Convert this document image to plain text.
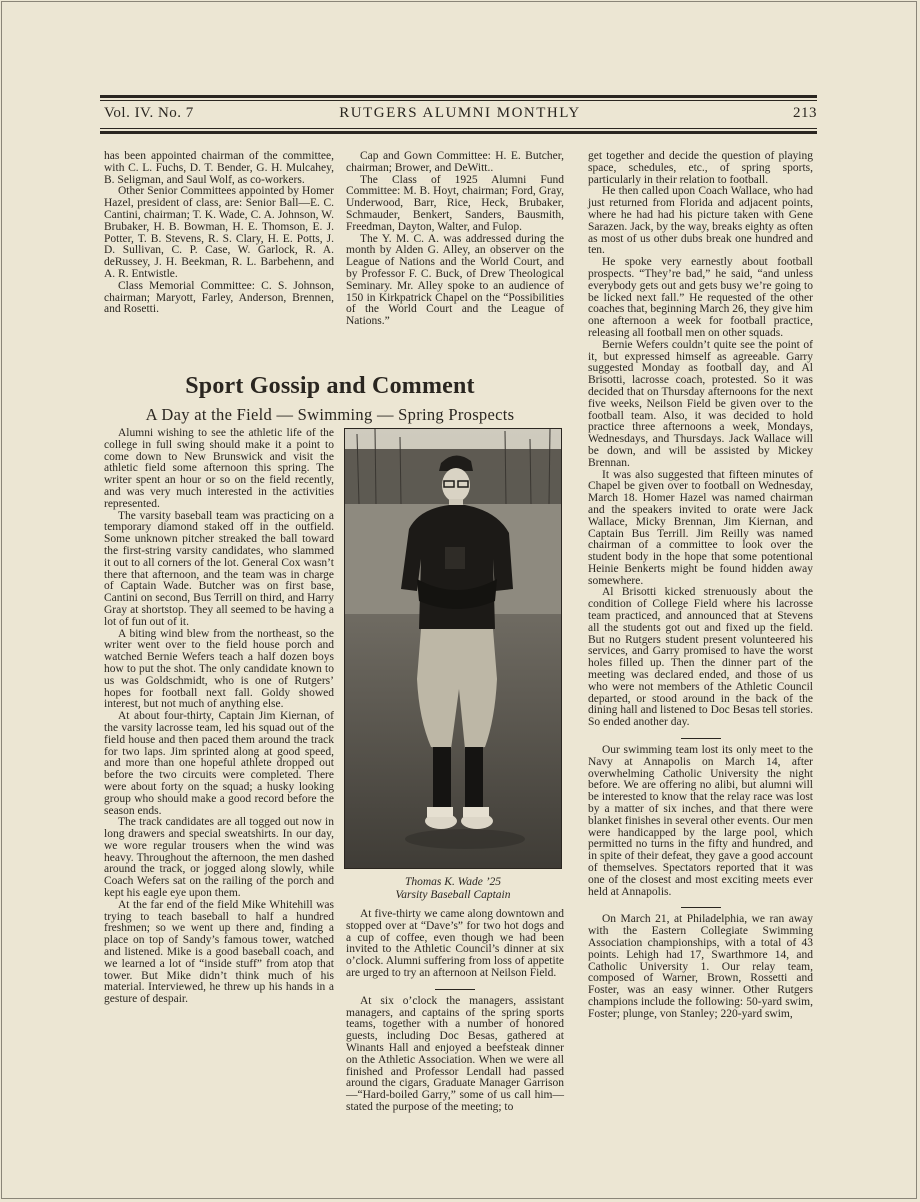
Vol. IV. No. 7	RUTGERS ALUMNI MONTHLY	213

has been appointed chairman of the committee, with C. L. Fuchs, D. T. Bender, G. H. Mulcahey, B. Seligman, and Saul Wolf, as co-workers.

Other Senior Committees appointed by Homer Hazel, president of class, are: Senior Ball—E. C. Cantini, chairman; T. K. Wade, C. A. Johnson, W. Brubaker, H. B. Bowman, H. E. Thomson, E. J. Potter, T. B. Stevens, R. S. Clary, H. E. Potts, J. D. Sullivan, C. P. Case, W. Garlock, R. A. deRussey, J. H. Beekman, R. L. Barbehenn, and A. R. Entwistle.

Class Memorial Committee: C. S. Johnson, chairman; Maryott, Farley, Anderson, Brennen, and Rosetti.

Cap and Gown Committee: H. E. Butcher, chairman; Brower, and DeWitt..

The Class of 1925 Alumni Fund Committee: M. B. Hoyt, chairman; Ford, Gray, Underwood, Barr, Rice, Heck, Brubaker, Schmauder, Benkert, Sanders, Bausmith, Freedman, Dayton, Walter, and Fulop.

The Y. M. C. A. was addressed during the month by Alden G. Alley, an observer on the League of Nations and the World Court, and by Professor F. C. Buck, of Drew Theological Seminary. Mr. Alley spoke to an audience of 150 in Kirkpatrick Chapel on the “Possibilities of the World Court and the League of Nations.”

Sport Gossip and Comment
A Day at the Field — Swimming — Spring Prospects

Alumni wishing to see the athletic life of the college in full swing should make it a point to come down to New Brunswick and visit the athletic field some afternoon this spring. The writer spent an hour or so on the field recently, and was very much interested in the activities represented.

The varsity baseball team was practicing on a temporary diamond staked off in the outfield. Some unknown pitcher streaked the ball toward the first-string varsity candidates, who slammed it out to all corners of the lot. General Cox wasn’t there that afternoon, and the team was in charge of Captain Wade. Butcher was on first base, Cantini on second, Bus Terrill on third, and Harry Gray at shortstop. They all seemed to be having a lot of fun out of it.

A biting wind blew from the northeast, so the writer went over to the field house porch and watched Bernie Wefers teach a half dozen boys how to put the shot. The only candidate known to us was Goldschmidt, who is one of Rutgers’ hopes for football next fall. Goldy showed interest, but not much of anything else.

At about four-thirty, Captain Jim Kiernan, of the varsity lacrosse team, led his squad out of the field house and then paced them around the track for two laps. Jim sprinted along at good speed, and more than one hopeful athlete dropped out before the two circuits were completed. There were about forty on the squad; a husky looking group who should make a good record before the season ends.

The track candidates are all togged out now in long drawers and special sweatshirts. In our day, we wore regular trousers when the wind was heavy. Throughout the afternoon, the men dashed around the track, or jogged along slowly, while Coach Wefers sat on the railing of the porch and kept his eagle eye upon them.

At the far end of the field Mike Whitehill was trying to teach baseball to half a hundred freshmen; so we went up there and, finding a place on top of Sandy’s famous tower, watched and listened. Mike is a good baseball coach, and we learned a lot of “inside stuff” from atop that tower. But Mike didn’t think much of his material. Interviewed, he threw up his hands in a gesture of despair.

Thomas K. Wade ’25
Varsity Baseball Captain

At five-thirty we came along downtown and stopped over at “Dave’s” for two hot dogs and a cup of coffee, even though we had been invited to the Athletic Council’s dinner at six o’clock. Alumni suffering from loss of appetite are urged to try an afternoon at Neilson Field.

At six o’clock the managers, assistant managers, and captains of the spring sports teams, together with a number of honored guests, including Doc Besas, gathered at Winants Hall and enjoyed a beefsteak dinner on the Athletic Association. When we were all finished and Professor Lendall had passed around the cigars, Graduate Manager Garrison—“Hard-boiled Garry,” some of us call him—stated the purpose of the meeting; to

get together and decide the question of playing space, schedules, etc., of spring sports, particularly in their relation to football.

He then called upon Coach Wallace, who had just returned from Florida and adjacent points, where he had had his picture taken with Gene Sarazen. Jack, by the way, breaks eighty as often as most of us other dubs break one hundred and ten.

He spoke very earnestly about football prospects. “They’re bad,” he said, “and unless everybody gets out and gets busy we’re going to be licked next fall.” He requested of the other coaches that, beginning March 26, they give him one afternoon a week for football practice, releasing all football men on other squads.

Bernie Wefers couldn’t quite see the point of it, but expressed himself as agreeable. Garry suggested Monday as football day, and Al Brisotti, lacrosse coach, protested. So it was decided that on Thursday afternoons for the next five weeks, Neilson Field be given over to the football team. Also, it was decided to hold practice three afternoons a week, Mondays, Wednesdays, and Thursdays. Jack Wallace will be down, and will be assisted by Mickey Brennan.

It was also suggested that fifteen minutes of Chapel be given over to football on Wednesday, March 18. Homer Hazel was named chairman and the speakers invited to orate were Jack Wallace, Micky Brennan, Jim Kiernan, and Captain Bus Terrill. Jim Reilly was named chairman of a committee to look over the student body in the hope that some potentional Heinie Benkerts might be found hidden away somewhere.

Al Brisotti kicked strenuously about the condition of College Field where his lacrosse team practiced, and announced that at Stevens all the students got out and fixed up the field. But no Rutgers student present volunteered his services, and Garry promised to have the worst holes filled up. Then the dinner part of the meeting was declared ended, and those of us who were not members of the Athletic Council departed, or stood around in the back of the dining hall and listened to Doc Besas tell stories. So ended another day.

Our swimming team lost its only meet to the Navy at Annapolis on March 14, after overwhelming Catholic University the night before. We are offering no alibi, but alumni will be interested to know that the relay race was lost by a matter of six inches, and that there were blanket finishes in several other events. Our men were handicapped by the large pool, which permitted no turns in the fifty and hundred, and in spite of their defeat, they gave a good account of themselves. Spectators reported that it was one of the closest and most exciting meets ever held at Annapolis.

On March 21, at Philadelphia, we ran away with the Eastern Collegiate Swimming Association championships, with a total of 43 points. Lehigh had 17, Swarthmore 14, and Catholic University 1. Our relay team, composed of Warner, Brown, Rossetti and Foster, was an easy winner. Other Rutgers champions include the following: 50-yard swim, Foster; plunge, von Stanley; 220-yard swim,
